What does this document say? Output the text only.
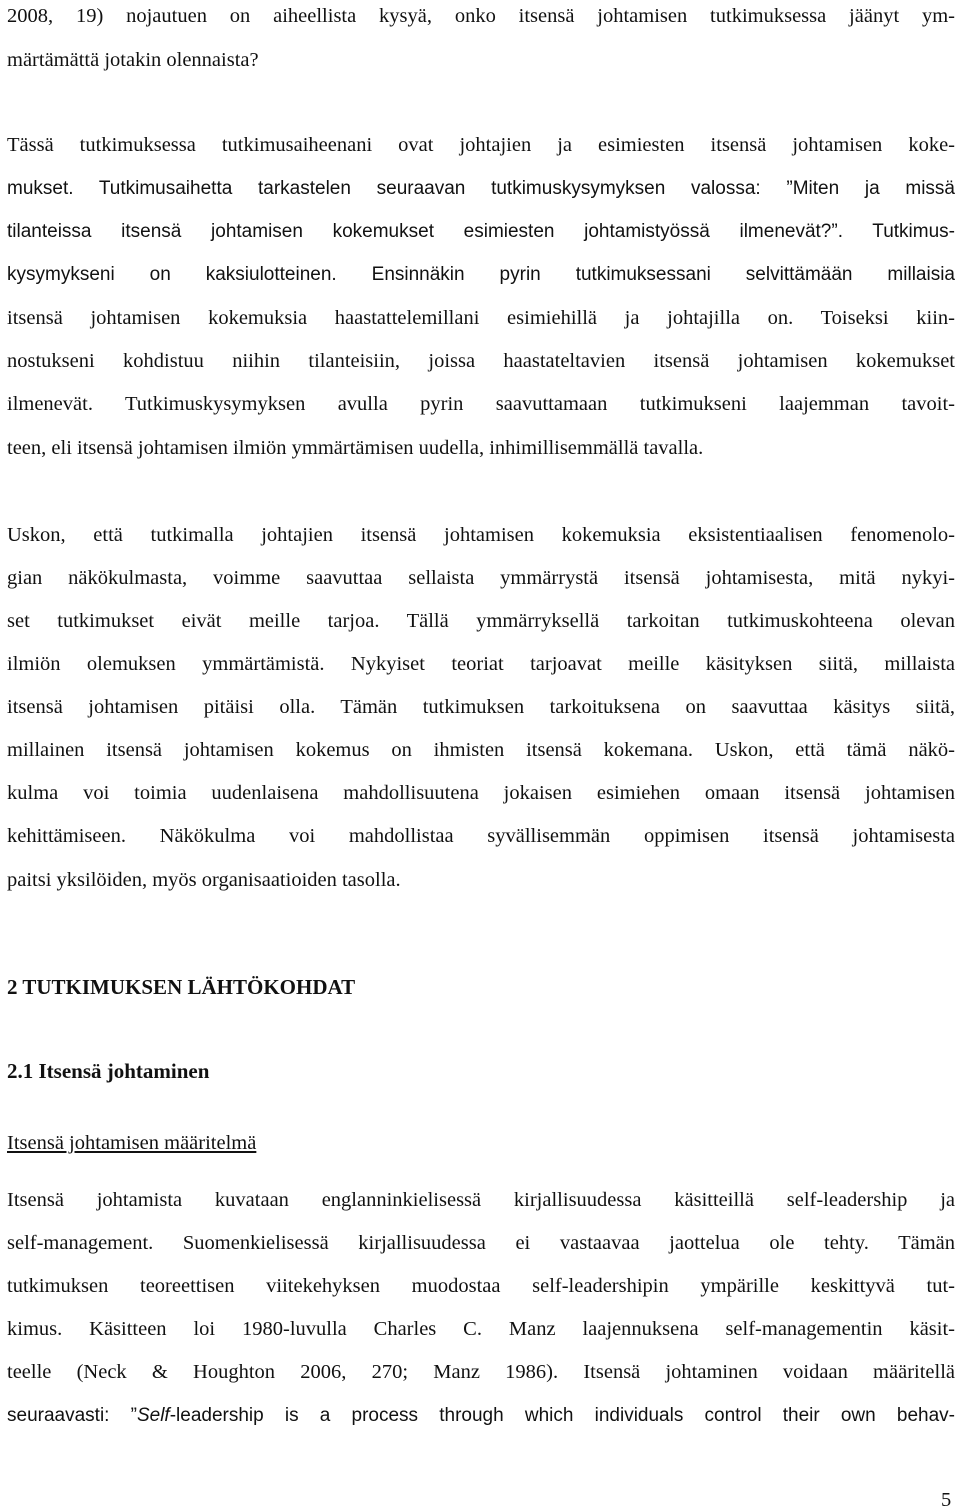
2008, 19) nojautuen on aiheellista kysyä, onko itsensä johtamisen tutkimuksessa jäänyt ym-
märtämättä jotakin olennaista?
Tässä tutkimuksessa tutkimusaiheenani ovat johtajien ja esimiesten itsensä johtamisen koke-
mukset. Tutkimusaihetta tarkastelen seuraavan tutkimuskysymyksen valossa: ”Miten ja missä
tilanteissa itsensä johtamisen kokemukset esimiesten johtamistyössä ilmenevät?”. Tutkimus-
kysymykseni on kaksiulotteinen. Ensinnäkin pyrin tutkimuksessani selvittämään millaisia
itsensä johtamisen kokemuksia haastattelemillani esimiehillä ja johtajilla on. Toiseksi kiin-
nostukseni kohdistuu niihin tilanteisiin, joissa haastateltavien itsensä johtamisen kokemukset
ilmenevät. Tutkimuskysymyksen avulla pyrin saavuttamaan tutkimukseni laajemman tavoit-
teen, eli itsensä johtamisen ilmiön ymmärtämisen uudella, inhimillisemmällä tavalla.
Uskon, että tutkimalla johtajien itsensä johtamisen kokemuksia eksistentiaalisen fenomenolo-
gian näkökulmasta, voimme saavuttaa sellaista ymmärrystä itsensä johtamisesta, mitä nykyi-
set tutkimukset eivät meille tarjoa. Tällä ymmärryksellä tarkoitan tutkimuskohteena olevan
ilmiön olemuksen ymmärtämistä. Nykyiset teoriat tarjoavat meille käsityksen siitä, millaista
itsensä johtamisen pitäisi olla. Tämän tutkimuksen tarkoituksena on saavuttaa käsitys siitä,
millainen itsensä johtamisen kokemus on ihmisten itsensä kokemana. Uskon, että tämä näkö-
kulma voi toimia uudenlaisena mahdollisuutena jokaisen esimiehen omaan itsensä johtamisen
kehittämiseen. Näkökulma voi mahdollistaa syvällisemmän oppimisen itsensä johtamisesta
paitsi yksilöiden, myös organisaatioiden tasolla.
2 TUTKIMUKSEN LÄHTÖKOHDAT
2.1 Itsensä johtaminen
Itsensä johtamisen määritelmä
Itsensä johtamista kuvataan englanninkielisessä kirjallisuudessa käsitteillä self-leadership ja
self-management. Suomenkielisessä kirjallisuudessa ei vastaavaa jaottelua ole tehty. Tämän
tutkimuksen teoreettisen viitekehyksen muodostaa self-leadershipin ympärille keskittyvä tut-
kimus. Käsitteen loi 1980-luvulla Charles C. Manz laajennuksena self-managementin käsit-
teelle (Neck & Houghton 2006, 270; Manz 1986). Itsensä johtaminen voidaan määritellä
seuraavasti: ”Self-leadership is a process through which individuals control their own behav-
5
